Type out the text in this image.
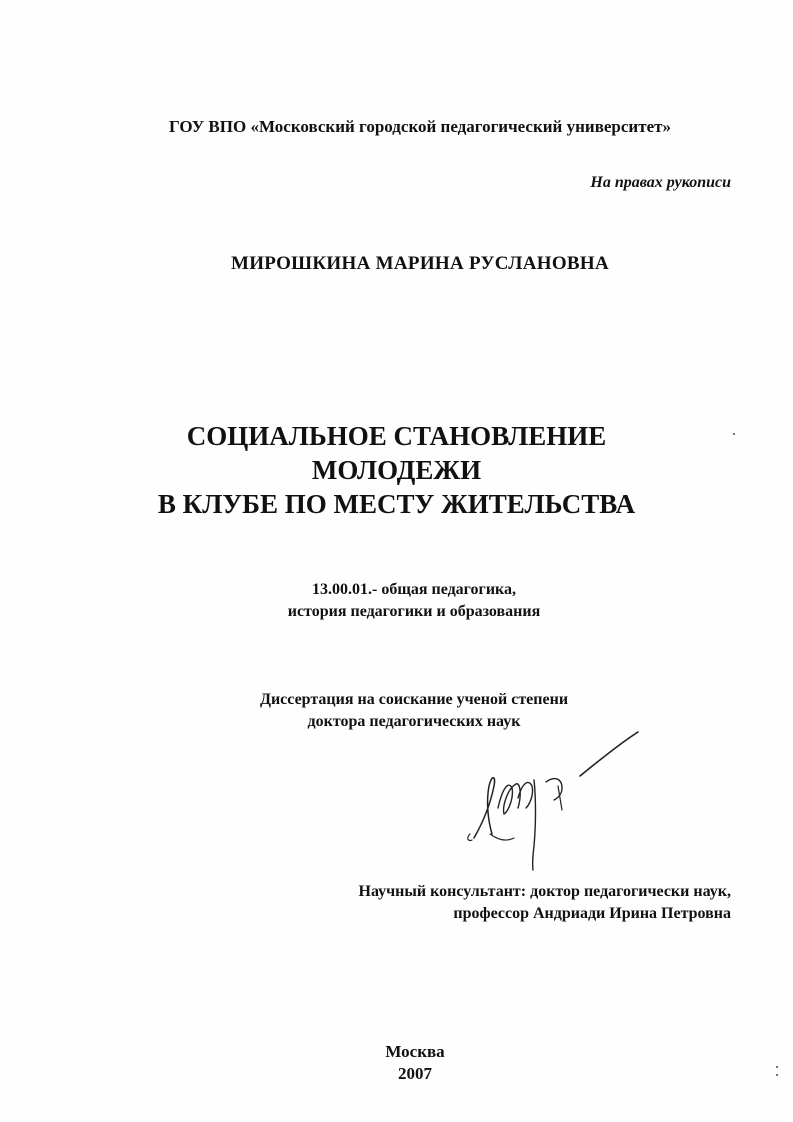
ГОУ ВПО «Московский городской педагогический университет»
На правах рукописи
МИРОШКИНА МАРИНА РУСЛАНОВНА
СОЦИАЛЬНОЕ СТАНОВЛЕНИЕ
МОЛОДЕЖИ
В КЛУБЕ ПО МЕСТУ ЖИТЕЛЬСТВА
13.00.01.- общая педагогика,
история педагогики и образования
Диссертация на соискание ученой степени
доктора педагогических наук
Научный консультант: доктор педагогически наук,
профессор Андриади Ирина Петровна
Москва
2007
